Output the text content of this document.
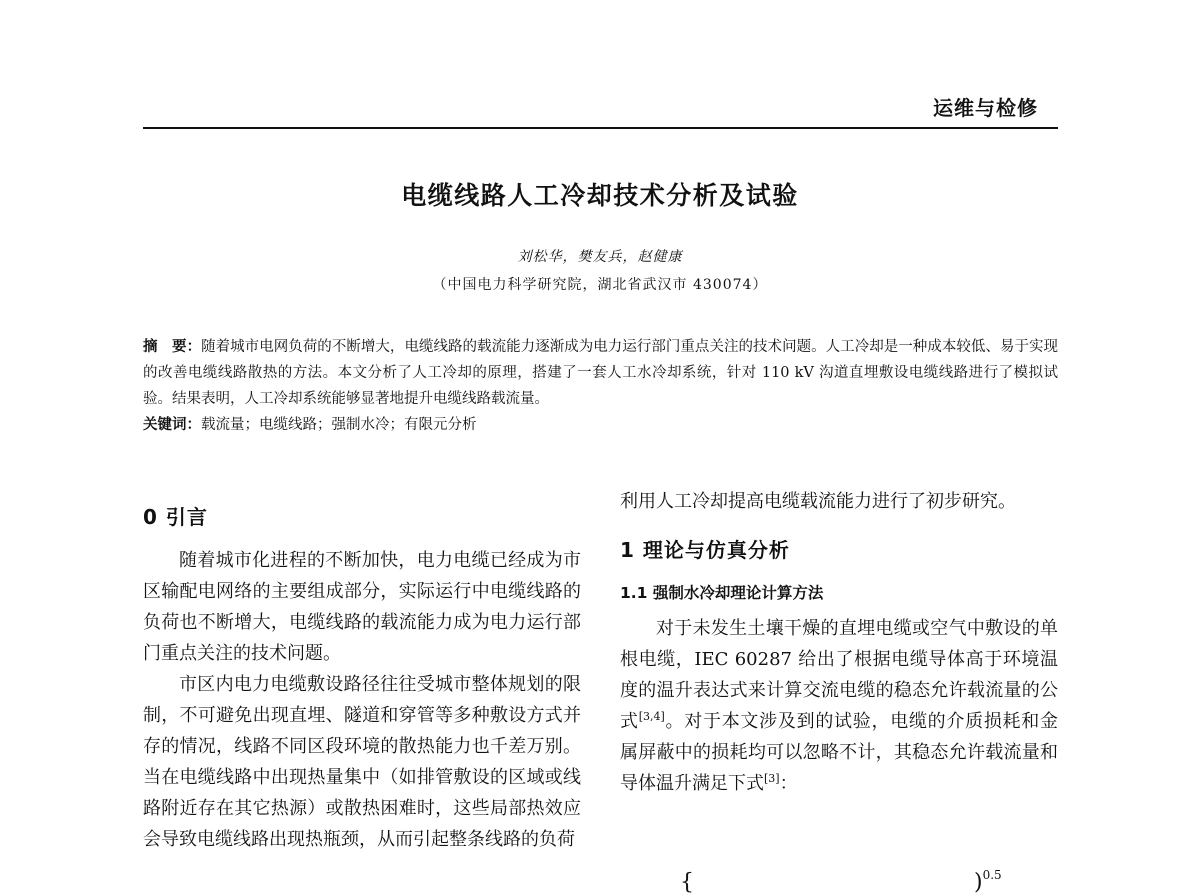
运维与检修
电缆线路人工冷却技术分析及试验
刘松华，樊友兵，赵健康
（中国电力科学研究院，湖北省武汉市 430074）

摘　要：随着城市电网负荷的不断增大，电缆线路的载流能力逐渐成为电力运行部门重点关注的技术问题。人工冷却是一种成本较低、易于实现的改善电缆线路散热的方法。本文分析了人工冷却的原理，搭建了一套人工水冷却系统，针对 110 kV 沟道直埋敷设电缆线路进行了模拟试验。结果表明，人工冷却系统能够显著地提升电缆线路载流量。

关键词：载流量；电缆线路；强制水冷；有限元分析

0 引言

随着城市化进程的不断加快，电力电缆已经成为市区输配电网络的主要组成部分，实际运行中电缆线路的负荷也不断增大，电缆线路的载流能力成为电力运行部门重点关注的技术问题。

市区内电力电缆敷设路径往往受城市整体规划的限制，不可避免出现直埋、隧道和穿管等多种敷设方式并存的情况，线路不同区段环境的散热能力也千差万别。当在电缆线路中出现热量集中（如排管敷设的区域或线路附近存在其它热源）或散热困难时，这些局部热效应会导致电缆线路出现热瓶颈，从而引起整条线路的负荷

利用人工冷却提高电缆载流能力进行了初步研究。

1 理论与仿真分析
1.1 强制水冷却理论计算方法

对于未发生土壤干燥的直埋电缆或空气中敷设的单根电缆，IEC 60287 给出了根据电缆导体高于环境温度的温升表达式来计算交流电缆的稳态允许载流量的公式[3,4]。对于本文涉及到的试验，电缆的介质损耗和金属屏蔽中的损耗均可以忽略不计，其稳态允许载流量和导体温升满足下式[3]：

{	)$^{0.5}$
